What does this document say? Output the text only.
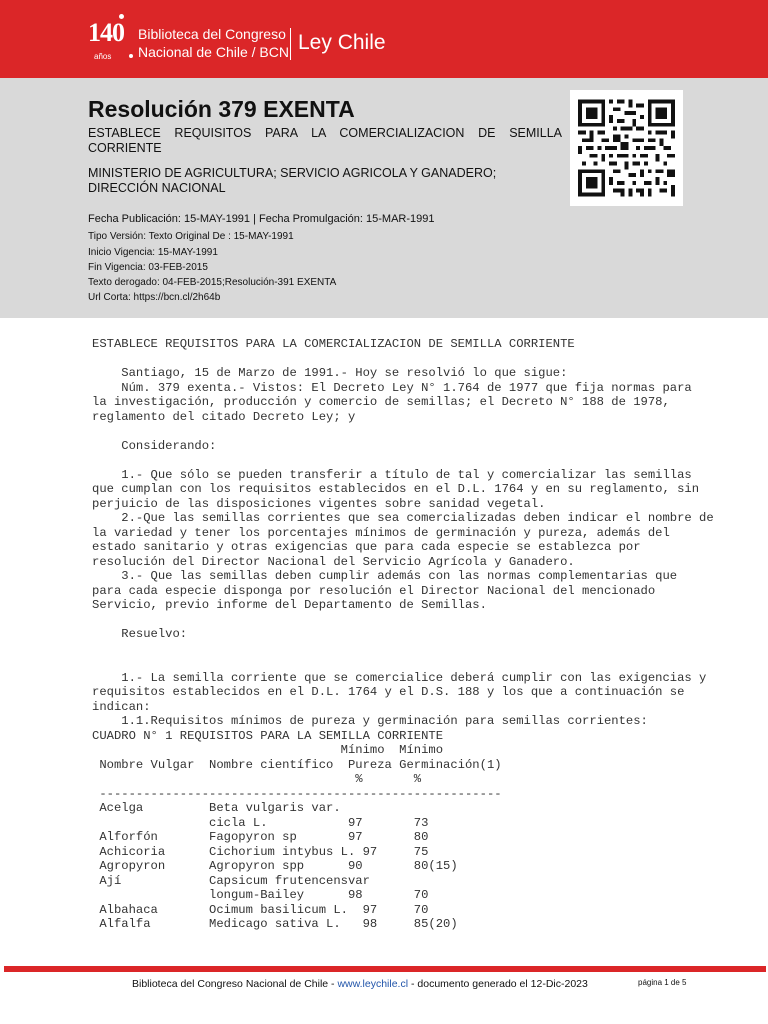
140
años
Biblioteca del Congreso
Nacional de Chile / BCN Ley Chile
Resolución 379 EXENTA
ESTABLECE REQUISITOS PARA LA COMERCIALIZACION DE SEMILLA CORRIENTE
MINISTERIO DE AGRICULTURA; SERVICIO AGRICOLA Y GANADERO; DIRECCIÓN NACIONAL
Fecha Publicación: 15-MAY-1991 | Fecha Promulgación: 15-MAR-1991
Tipo Versión: Texto Original De : 15-MAY-1991
Inicio Vigencia: 15-MAY-1991
Fin Vigencia: 03-FEB-2015
Texto derogado: 04-FEB-2015;Resolución-391 EXENTA
Url Corta: https://bcn.cl/2h64b
ESTABLECE REQUISITOS PARA LA COMERCIALIZACION DE SEMILLA CORRIENTE

Santiago, 15 de Marzo de 1991.- Hoy se resolvió lo que sigue:
Núm. 379 exenta.- Vistos: El Decreto Ley N° 1.764 de 1977 que fija normas para
la investigación, producción y comercio de semillas; el Decreto N° 188 de 1978,
reglamento del citado Decreto Ley; y

Considerando:

1.- Que sólo se pueden transferir a título de tal y comercializar las semillas
que cumplan con los requisitos establecidos en el D.L. 1764 y en su reglamento, sin
perjuicio de las disposiciones vigentes sobre sanidad vegetal.
2.-Que las semillas corrientes que sea comercializadas deben indicar el nombre de
la variedad y tener los porcentajes mínimos de germinación y pureza, además del
estado sanitario y otras exigencias que para cada especie se establezca por
resolución del Director Nacional del Servicio Agrícola y Ganadero.
3.- Que las semillas deben cumplir además con las normas complementarias que
para cada especie disponga por resolución el Director Nacional del mencionado
Servicio, previo informe del Departamento de Semillas.

Resuelvo:

1.- La semilla corriente que se comercialice deberá cumplir con las exigencias y
requisitos establecidos en el D.L. 1764 y el D.S. 188 y los que a continuación se
indican:
1.1.Requisitos mínimos de pureza y germinación para semillas corrientes:
CUADRO N° 1 REQUISITOS PARA LA SEMILLA CORRIENTE
Mínimo  Mínimo
Nombre Vulgar  Nombre científico  Pureza Germinación(1)
%       %
-------------------------------------------------------
Acelga         Beta vulgaris var.
cicla L.           97       73
Alforfón       Fagopyron sp       97       80
Achicoria      Cichorium intybus L. 97     75
Agropyron      Agropyron spp      90       80(15)
Ají            Capsicum frutencensvar
longum-Bailey      98       70
Albahaca       Ocimum basilicum L.  97     70
Alfalfa        Medicago sativa L.   98     85(20)
Biblioteca del Congreso Nacional de Chile - www.leychile.cl - documento generado el 12-Dic-2023	página 1 de 5
